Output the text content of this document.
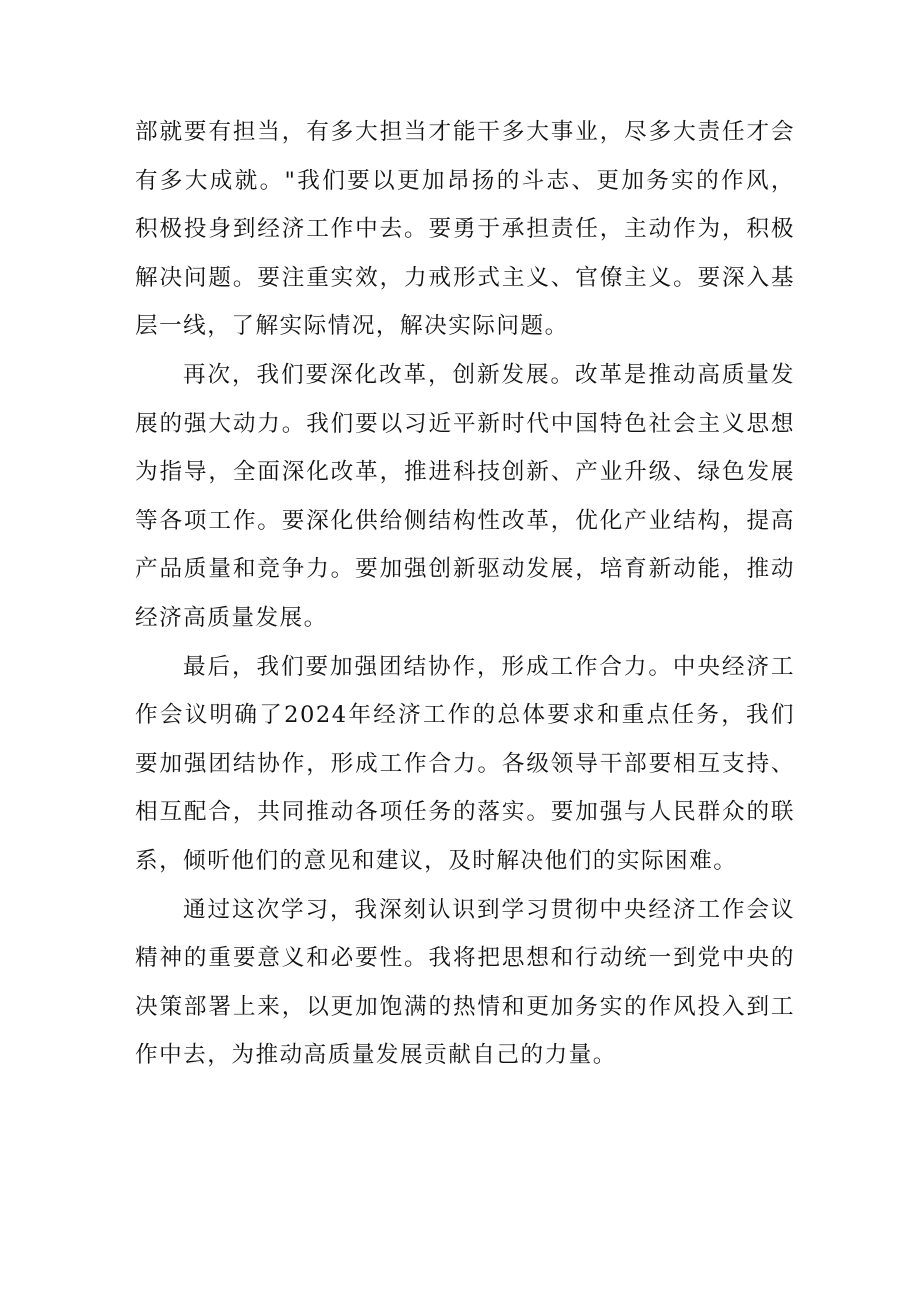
部就要有担当，有多大担当才能干多大事业，尽多大责任才会有多大成就。"我们要以更加昂扬的斗志、更加务实的作风，积极投身到经济工作中去。要勇于承担责任，主动作为，积极解决问题。要注重实效，力戒形式主义、官僚主义。要深入基层一线，了解实际情况，解决实际问题。

再次，我们要深化改革，创新发展。改革是推动高质量发展的强大动力。我们要以习近平新时代中国特色社会主义思想为指导，全面深化改革，推进科技创新、产业升级、绿色发展等各项工作。要深化供给侧结构性改革，优化产业结构，提高产品质量和竞争力。要加强创新驱动发展，培育新动能，推动经济高质量发展。

最后，我们要加强团结协作，形成工作合力。中央经济工作会议明确了2024年经济工作的总体要求和重点任务，我们要加强团结协作，形成工作合力。各级领导干部要相互支持、相互配合，共同推动各项任务的落实。要加强与人民群众的联系，倾听他们的意见和建议，及时解决他们的实际困难。

通过这次学习，我深刻认识到学习贯彻中央经济工作会议精神的重要意义和必要性。我将把思想和行动统一到党中央的决策部署上来，以更加饱满的热情和更加务实的作风投入到工作中去，为推动高质量发展贡献自己的力量。
